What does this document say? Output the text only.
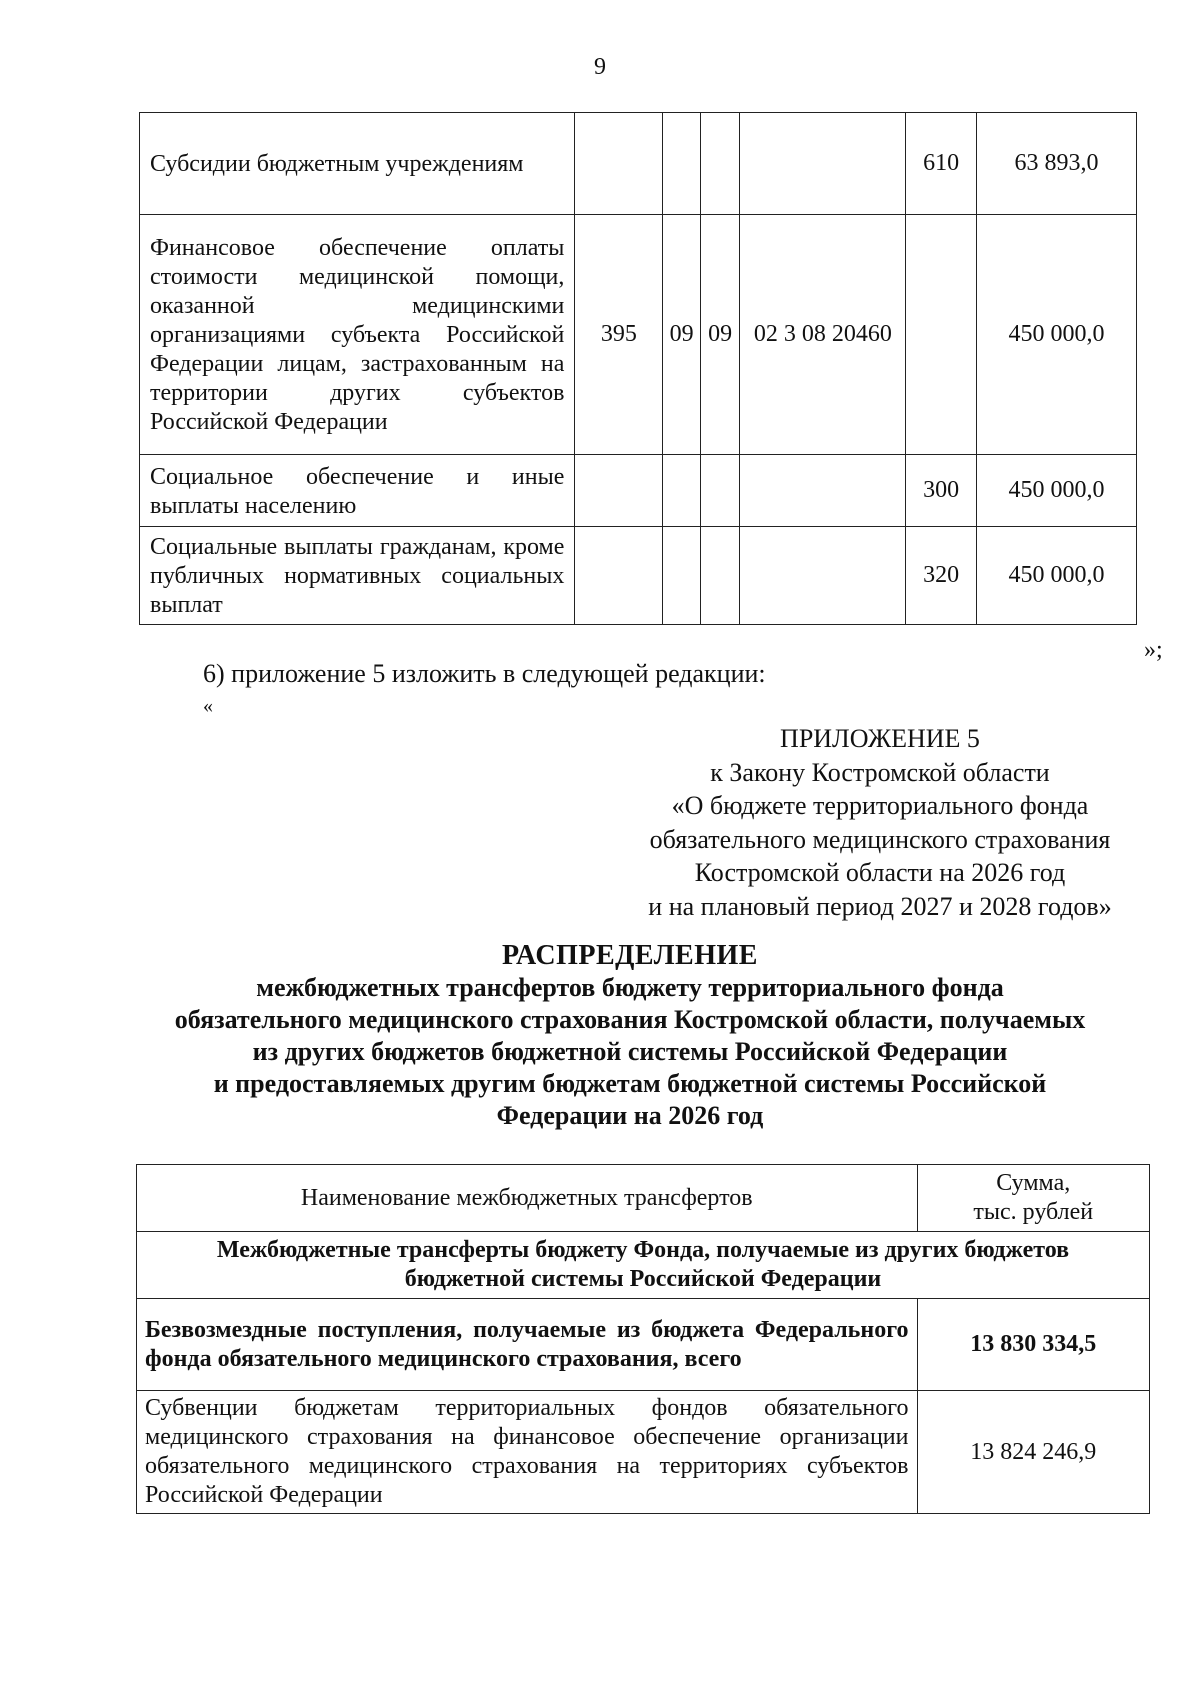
9
Субсидии бюджетным учреждениям					610	63 893,0
Финансовое обеспечение оплаты стоимости медицинской помощи, оказанной медицинскими организациями субъекта Российской Федерации лицам, застрахованным на территории других субъектов Российской Федерации	395	09	09	02 3 08 20460		450 000,0
Социальное обеспечение и иные выплаты населению					300	450 000,0
Социальные выплаты гражданам, кроме публичных нормативных социальных выплат					320	450 000,0
»;
6) приложение 5 изложить в следующей редакции:
«
ПРИЛОЖЕНИЕ 5
к Закону Костромской области
«О бюджете территориального фонда
обязательного медицинского страхования
Костромской области на 2026 год
и на плановый период 2027 и 2028 годов»
РАСПРЕДЕЛЕНИЕ
межбюджетных трансфертов бюджету территориального фонда
обязательного медицинского страхования Костромской области, получаемых
из других бюджетов бюджетной системы Российской Федерации
и предоставляемых другим бюджетам бюджетной системы Российской
Федерации на 2026 год
Наименование межбюджетных трансфертов	Сумма,
тыс. рублей

Межбюджетные трансферты бюджету Фонда, получаемые из других бюджетов бюджетной системы Российской Федерации	
Безвозмездные поступления, получаемые из бюджета Федерального фонда обязательного медицинского страхования, всего	13 830 334,5
Субвенции бюджетам территориальных фондов обязательного медицинского страхования на финансовое обеспечение организации обязательного медицинского страхования на территориях субъектов Российской Федерации	13 824 246,9
